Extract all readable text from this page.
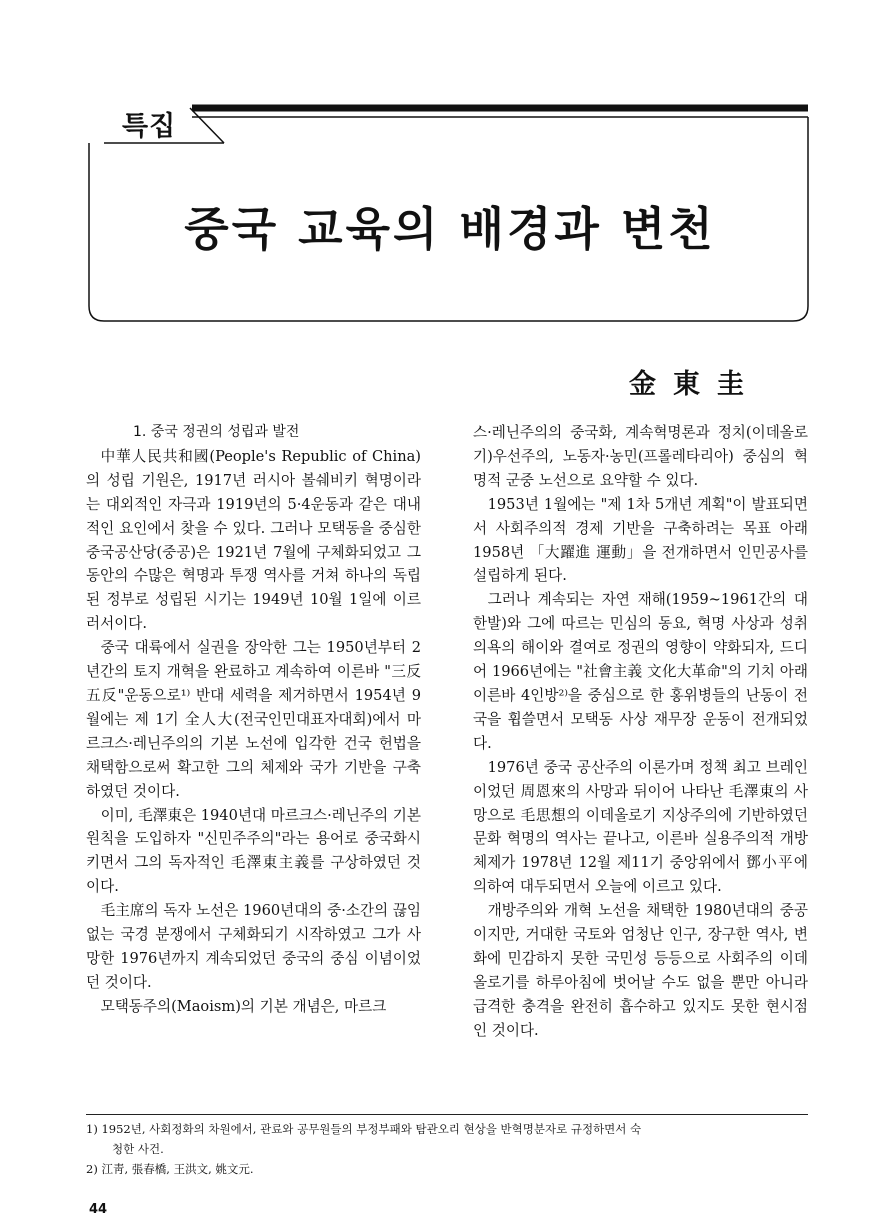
특집
중국 교육의 배경과 변천
金東圭

1. 중국 정권의 성립과 발전

中華人民共和國(People's Republic of China)의 성립 기원은, 1917년 러시아 볼쉐비키 혁명이라는 대외적인 자극과 1919년의 5·4운동과 같은 대내적인 요인에서 찾을 수 있다. 그러나 모택동을 중심한 중국공산당(중공)은 1921년 7월에 구체화되었고 그동안의 수많은 혁명과 투쟁 역사를 거쳐 하나의 독립된 정부로 성립된 시기는 1949년 10월 1일에 이르러서이다.

중국 대륙에서 실권을 장악한 그는 1950년부터 2년간의 토지 개혁을 완료하고 계속하여 이른바 "三反五反"운동으로¹⁾ 반대 세력을 제거하면서 1954년 9월에는 제 1기 全人大(전국인민대표자대회)에서 마르크스·레닌주의의 기본 노선에 입각한 건국 헌법을 채택함으로써 확고한 그의 체제와 국가 기반을 구축하였던 것이다.

이미, 毛澤東은 1940년대 마르크스·레닌주의 기본 원칙을 도입하자 "신민주주의"라는 용어로 중국화시키면서 그의 독자적인 毛澤東主義를 구상하였던 것이다.

毛主席의 독자 노선은 1960년대의 중·소간의 끊임없는 국경 분쟁에서 구체화되기 시작하였고 그가 사망한 1976년까지 계속되었던 중국의 중심 이념이었던 것이다.

모택동주의(Maoism)의 기본 개념은, 마르크

스·레닌주의의 중국화, 계속혁명론과 정치(이데올로기)우선주의, 노동자·농민(프롤레타리아) 중심의 혁명적 군중 노선으로 요약할 수 있다.

1953년 1월에는 "제 1차 5개년 계획"이 발표되면서 사회주의적 경제 기반을 구축하려는 목표 아래 1958년 「大躍進 運動」을 전개하면서 인민공사를 설립하게 된다.

그러나 계속되는 자연 재해(1959~1961간의 대 한발)와 그에 따르는 민심의 동요, 혁명 사상과 성취 의욕의 해이와 결여로 정권의 영향이 약화되자, 드디어 1966년에는 "社會主義 文化大革命"의 기치 아래 이른바 4인방²⁾을 중심으로 한 홍위병들의 난동이 전국을 휩쓸면서 모택동 사상 재무장 운동이 전개되었다.

1976년 중국 공산주의 이론가며 정책 최고 브레인이었던 周恩來의 사망과 뒤이어 나타난 毛澤東의 사망으로 毛思想의 이데올로기 지상주의에 기반하였던 문화 혁명의 역사는 끝나고, 이른바 실용주의적 개방 체제가 1978년 12월 제11기 중앙위에서 鄧小平에 의하여 대두되면서 오늘에 이르고 있다.

개방주의와 개혁 노선을 채택한 1980년대의 중공이지만, 거대한 국토와 엄청난 인구, 장구한 역사, 변화에 민감하지 못한 국민성 등등으로 사회주의 이데올로기를 하루아침에 벗어날 수도 없을 뿐만 아니라 급격한 충격을 완전히 흡수하고 있지도 못한 현시점인 것이다.

1) 1952년, 사회정화의 차원에서, 관료와 공무원들의 부정부패와 탐관오리 현상을 반혁명분자로 규정하면서 숙
청한 사건.
2) 江靑, 張春橋, 王洪文, 姚文元.
44
